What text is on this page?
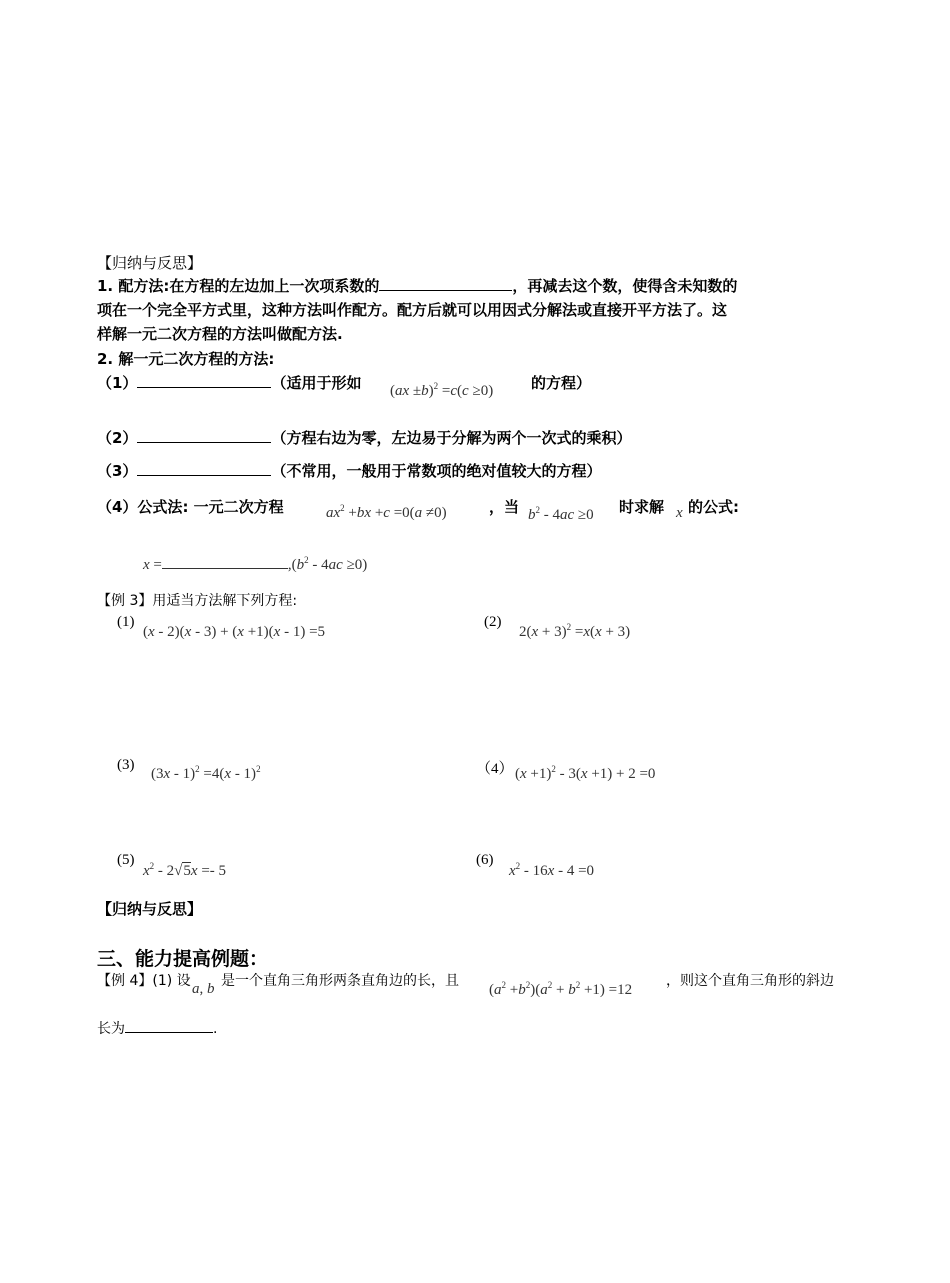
【归纳与反思】
1. 配方法:在方程的左边加上一次项系数的	，再减去这个数，使得含未知数的
项在一个完全平方式里，这种方法叫作配方。配方后就可以用因式分解法或直接开平方法了。这
样解一元二次方程的方法叫做配方法.
2. 解一元二次方程的方法:
（1）	（适用于形如 (ax ±b)$^2$ =c(c ≥0)	的方程）
（2）	（方程右边为零，左边易于分解为两个一次式的乘积）
（3）	（不常用，一般用于常数项的绝对值较大的方程）
（4）公式法: 一元二次方程	$ax^2 +bx +c =0(a \ne 0)$	，当 $b^2 - 4ac \ge 0$ 时求解 x 的公式:
x =	$,(b^2 - 4ac \ge 0)$
【例 3】用适当方法解下列方程:
(1)
(x - 2)(x - 3) + (x +1)(x - 1) =5
(2)
$2(x + 3)^2 =x(x + 3)$
(3)
(3x - 1)$^2$ =4(x - 1)$^2$	（4） $(x +1)^2 - 3(x +1) + 2 =0$
(5)
$x^2 - 2√5x =- 5$
(6)
$x^2 - 16x - 4 =0$
【归纳与反思】
三、能力提高例题：
【例 4】(1) 设 a, b 是一个直角三角形两条直角边的长，且
$(a^2 +b^2)(a^2 + b^2 +1) =12$
，则这个直角三角形的斜边
长为	.
